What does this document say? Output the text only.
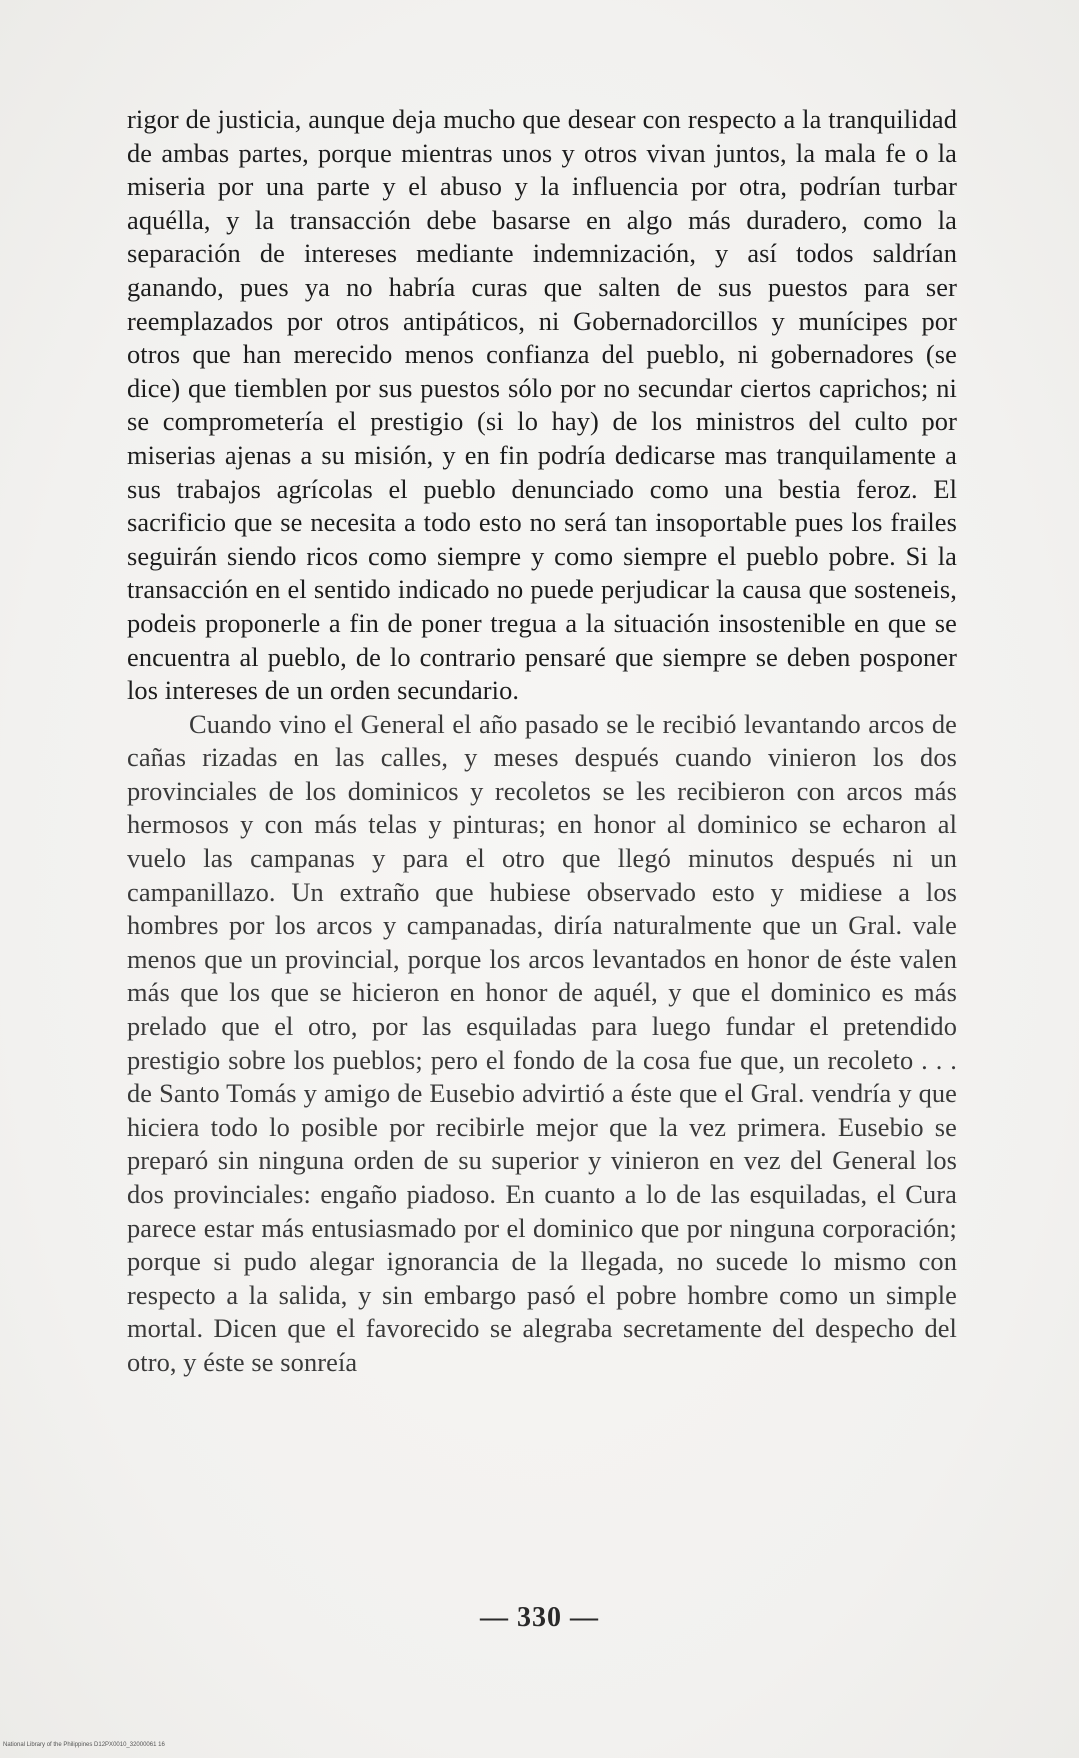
rigor de justicia, aunque deja mucho que desear con respecto a la tranquilidad de ambas partes, porque mientras unos y otros vivan juntos, la mala fe o la miseria por una parte y el abuso y la influencia por otra, podrían turbar aquélla, y la transacción debe basarse en algo más duradero, como la separación de intereses mediante indemnización, y así todos saldrían ganando, pues ya no habría curas que salten de sus puestos para ser reemplazados por otros antipáticos, ni Gobernadorcillos y munícipes por otros que han merecido menos confianza del pueblo, ni gobernadores (se dice) que tiemblen por sus puestos sólo por no secundar ciertos caprichos; ni se comprometería el prestigio (si lo hay) de los ministros del culto por miserias ajenas a su misión, y en fin podría dedicarse mas tranquilamente a sus trabajos agrícolas el pueblo denunciado como una bestia feroz. El sacrificio que se necesita a todo esto no será tan insoportable pues los frailes seguirán siendo ricos como siempre y como siempre el pueblo pobre. Si la transacción en el sentido indicado no puede perjudicar la causa que sosteneis, podeis proponerle a fin de poner tregua a la situación insostenible en que se encuentra al pueblo, de lo contrario pensaré que siempre se deben posponer los intereses de un orden secundario.

Cuando vino el General el año pasado se le recibió levantando arcos de cañas rizadas en las calles, y meses después cuando vinieron los dos provinciales de los dominicos y recoletos se les recibieron con arcos más hermosos y con más telas y pinturas; en honor al dominico se echaron al vuelo las campanas y para el otro que llegó minutos después ni un campanillazo. Un extraño que hubiese observado esto y midiese a los hombres por los arcos y campanadas, diría naturalmente que un Gral. vale menos que un provincial, porque los arcos levantados en honor de éste valen más que los que se hicieron en honor de aquél, y que el dominico es más prelado que el otro, por las esquiladas para luego fundar el pretendido prestigio sobre los pueblos; pero el fondo de la cosa fue que, un recoleto . . . de Santo Tomás y amigo de Eusebio advirtió a éste que el Gral. vendría y que hiciera todo lo posible por recibirle mejor que la vez primera. Eusebio se preparó sin ninguna orden de su superior y vinieron en vez del General los dos provinciales: engaño piadoso. En cuanto a lo de las esquiladas, el Cura parece estar más entusiasmado por el dominico que por ninguna corporación; porque si pudo alegar ignorancia de la llegada, no sucede lo mismo con respecto a la salida, y sin embargo pasó el pobre hombre como un simple mortal. Dicen que el favorecido se alegraba secretamente del despecho del otro, y éste se sonreía

— 330 —
National Library of the Philippines D12PX0010_32000061 16
